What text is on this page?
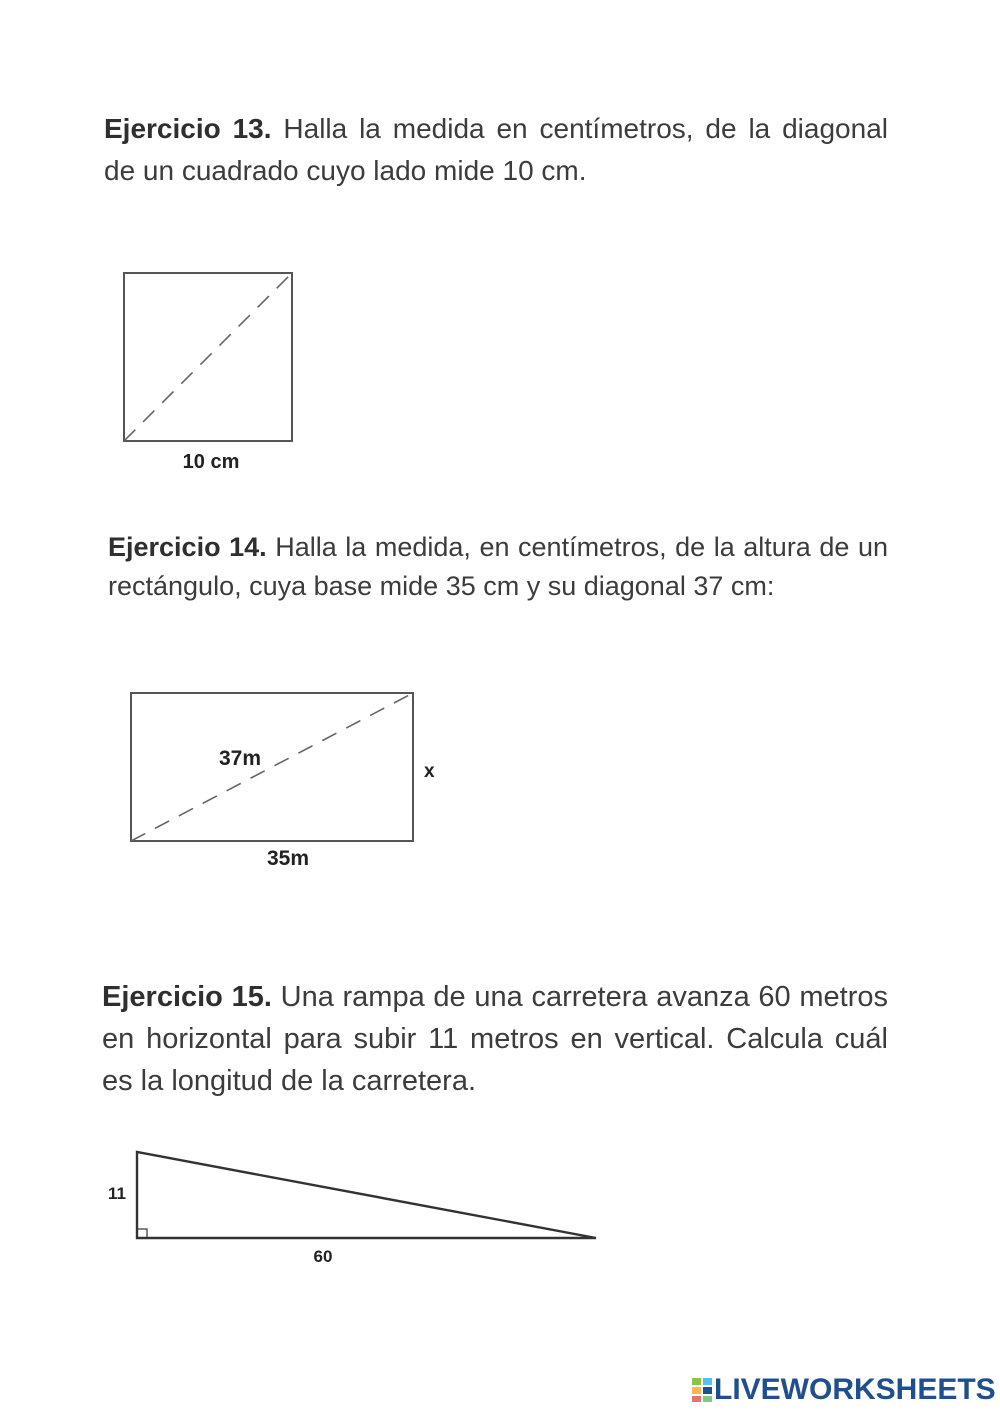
Ejercicio 13. Halla la medida en centímetros, de la diagonal de un cuadrado cuyo lado mide 10 cm.
10 cm
Ejercicio 14. Halla la medida, en centímetros, de la altura de un rectángulo, cuya base mide 35 cm y su diagonal 37 cm:
37m
x
35m
Ejercicio 15. Una rampa de una carretera avanza 60 metros en horizontal para subir 11 metros en vertical. Calcula cuál es la longitud de la carretera.
11
60
LIVEWORKSHEETS
